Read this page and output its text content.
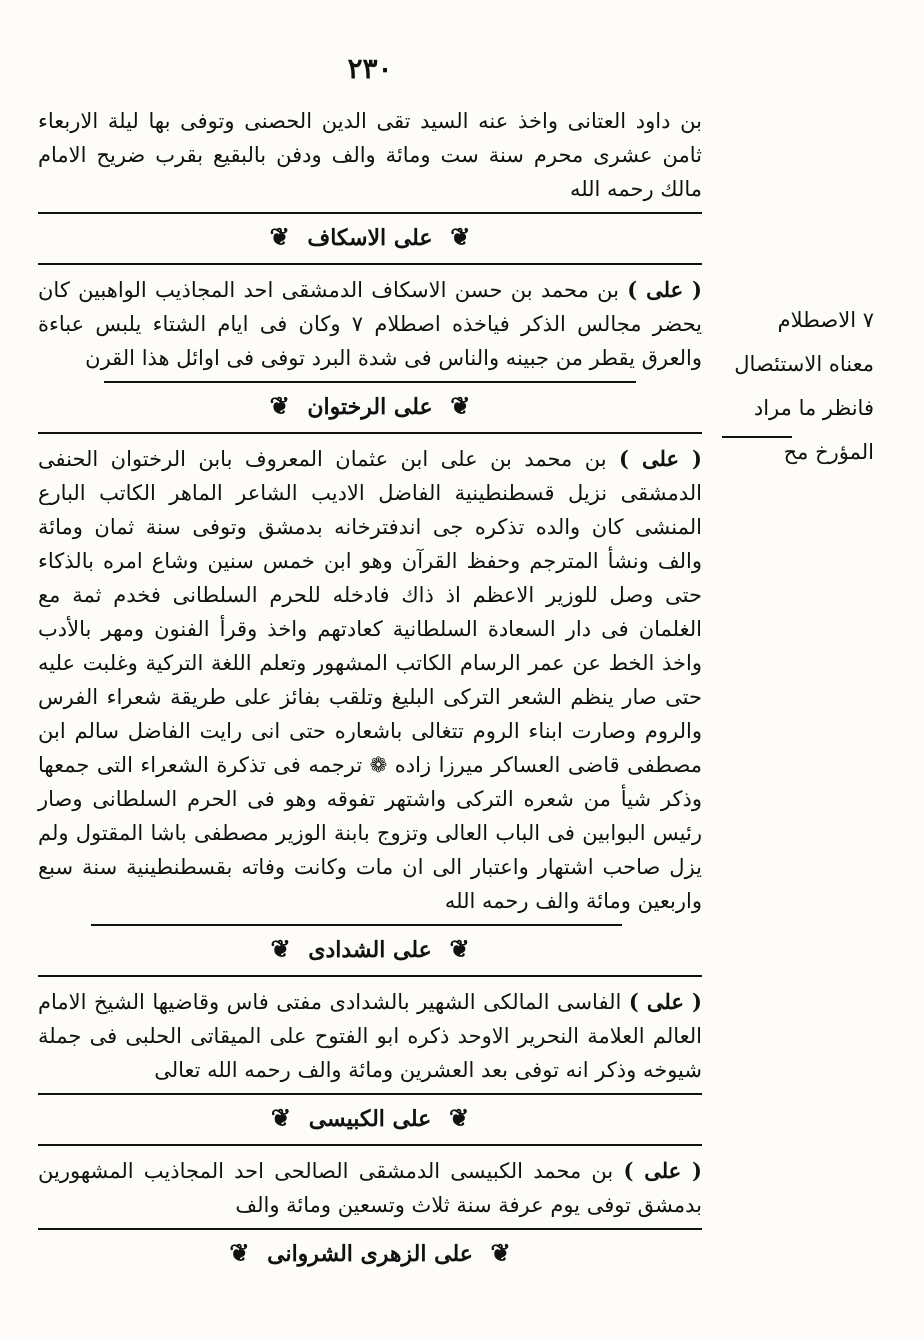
٢٣٠

بن داود العتانى واخذ عنه السيد تقى الدين الحصنى وتوفى بها ليلة الاربعاء ثامن عشرى محرم سنة ست ومائة والف ودفن بالبقيع بقرب ضريح الامام مالك رحمه الله

❦ على الاسكاف ❦

( على ) بن محمد بن حسن الاسكاف الدمشقى احد المجاذيب الواهبين كان يحضر مجالس الذكر فياخذه اصطلام ٧ وكان فى ايام الشتاء يلبس عباءة والعرق يقطر من جبينه والناس فى شدة البرد توفى فى اوائل هذا القرن

❦ على الرختوان ❦

( على ) بن محمد بن على ابن عثمان المعروف بابن الرختوان الحنفى الدمشقى نزيل قسطنطينية الفاضل الاديب الشاعر الماهر الكاتب البارع المنشى كان والده تذكره جى اندفترخانه بدمشق وتوفى سنة ثمان ومائة والف ونشأ المترجم وحفظ القرآن وهو ابن خمس سنين وشاع امره بالذكاء حتى وصل للوزير الاعظم اذ ذاك فادخله للحرم السلطانى فخدم ثمة مع الغلمان فى دار السعادة السلطانية كعادتهم واخذ وقرأ الفنون ومهر بالأدب واخذ الخط عن عمر الرسام الكاتب المشهور وتعلم اللغة التركية وغلبت عليه حتى صار ينظم الشعر التركى البليغ وتلقب بفائز على طريقة شعراء الفرس والروم وصارت ابناء الروم تتغالى باشعاره حتى انى رايت الفاضل سالم ابن مصطفى قاضى العساكر ميرزا زاده ❁ ترجمه فى تذكرة الشعراء التى جمعها وذكر شيأ من شعره التركى واشتهر تفوقه وهو فى الحرم السلطانى وصار رئيس البوابين فى الباب العالى وتزوج بابنة الوزير مصطفى باشا المقتول ولم يزل صاحب اشتهار واعتبار الى ان مات وكانت وفاته بقسطنطينية سنة سبع واربعين ومائة والف رحمه الله

❦ على الشدادى ❦

( على ) الفاسى المالكى الشهير بالشدادى مفتى فاس وقاضيها الشيخ الامام العالم العلامة النحرير الاوحد ذكره ابو الفتوح على الميقاتى الحلبى فى جملة شيوخه وذكر انه توفى بعد العشرين ومائة والف رحمه الله تعالى

❦ على الكبيسى ❦

( على ) بن محمد الكبيسى الدمشقى الصالحى احد المجاذيب المشهورين بدمشق توفى يوم عرفة سنة ثلاث وتسعين ومائة والف

❦ على الزهرى الشروانى ❦
٧ الاصطلام
معناه الاستئصال
فانظر ما مراد
المؤرخ مح
